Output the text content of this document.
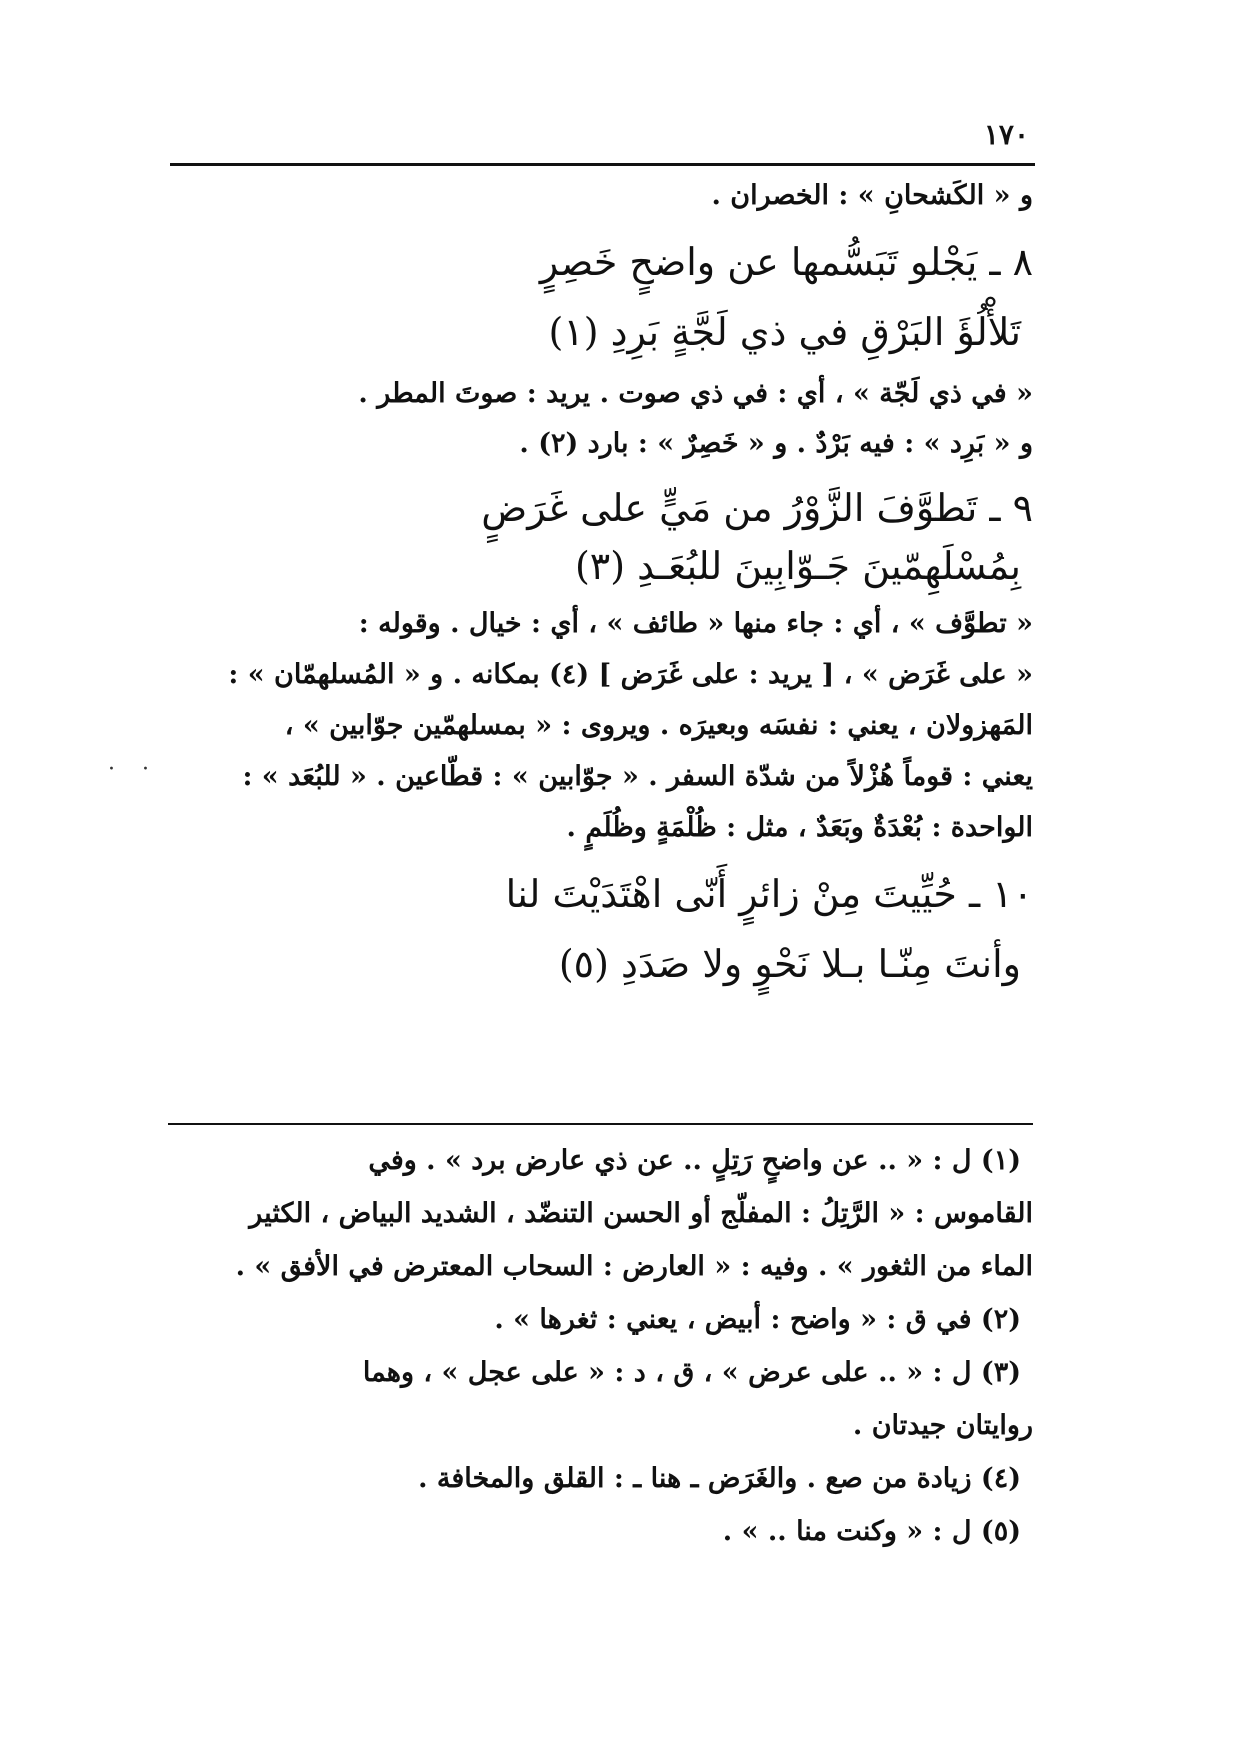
١٧٠
و « الكَشحانِ » : الخصران .
٨ ـ يَجْلو تَبَسُّمها عن واضحٍ خَصِرٍ
تَلأْلُؤَ البَرْقِ في ذي لَجَّةٍ بَرِدِ (١)
« في ذي لَجّة » ، أي : في ذي صوت . يريد : صوتَ المطر .
و « بَرِد » : فيه بَرْدٌ . و « خَصِرٌ » : بارد (٢) .
٩ ـ تَطوَّفَ الزَّوْرُ من مَيٍّ على غَرَضٍ
بِمُسْلَهِمّينَ جَـوّابِينَ للبُعَـدِ (٣)
« تطوَّف » ، أي : جاء منها « طائف » ، أي : خيال . وقوله :
« على غَرَض » ، [ يريد : على غَرَض ] (٤) بمكانه . و « المُسلهمّان » :
المَهزولان ، يعني : نفسَه وبعيرَه . ويروى : « بمسلهمّين جوّابين » ،
يعني : قوماً هُزْلاً من شدّة السفر . « جوّابين » : قطّاعين . « للبُعَد » :
الواحدة : بُعْدَةٌ وبَعَدٌ ، مثل : ظُلْمَةٍ وظُلَمٍ .
١٠ ـ حُيِّيتَ مِنْ زائرٍ أَنّى اهْتَدَيْتَ لنا
وأنتَ مِنّـا بـلا نَحْوٍ ولا صَدَدِ (٥)
· ·
(١) ل : « .. عن واضحٍ رَتِلٍ .. عن ذي عارض برد » . وفي
القاموس : « الرَّتِلُ : المفلّج أو الحسن التنضّد ، الشديد البياض ، الكثير
الماء من الثغور » . وفيه : « العارض : السحاب المعترض في الأفق » .
(٢) في ق : « واضح : أبيض ، يعني : ثغرها » .
(٣) ل : « .. على عرض » ، ق ، د : « على عجل » ، وهما
روايتان جيدتان .
(٤) زيادة من صع . والغَرَض ـ هنا ـ : القلق والمخافة .
(٥) ل : « وكنت منا .. » .
